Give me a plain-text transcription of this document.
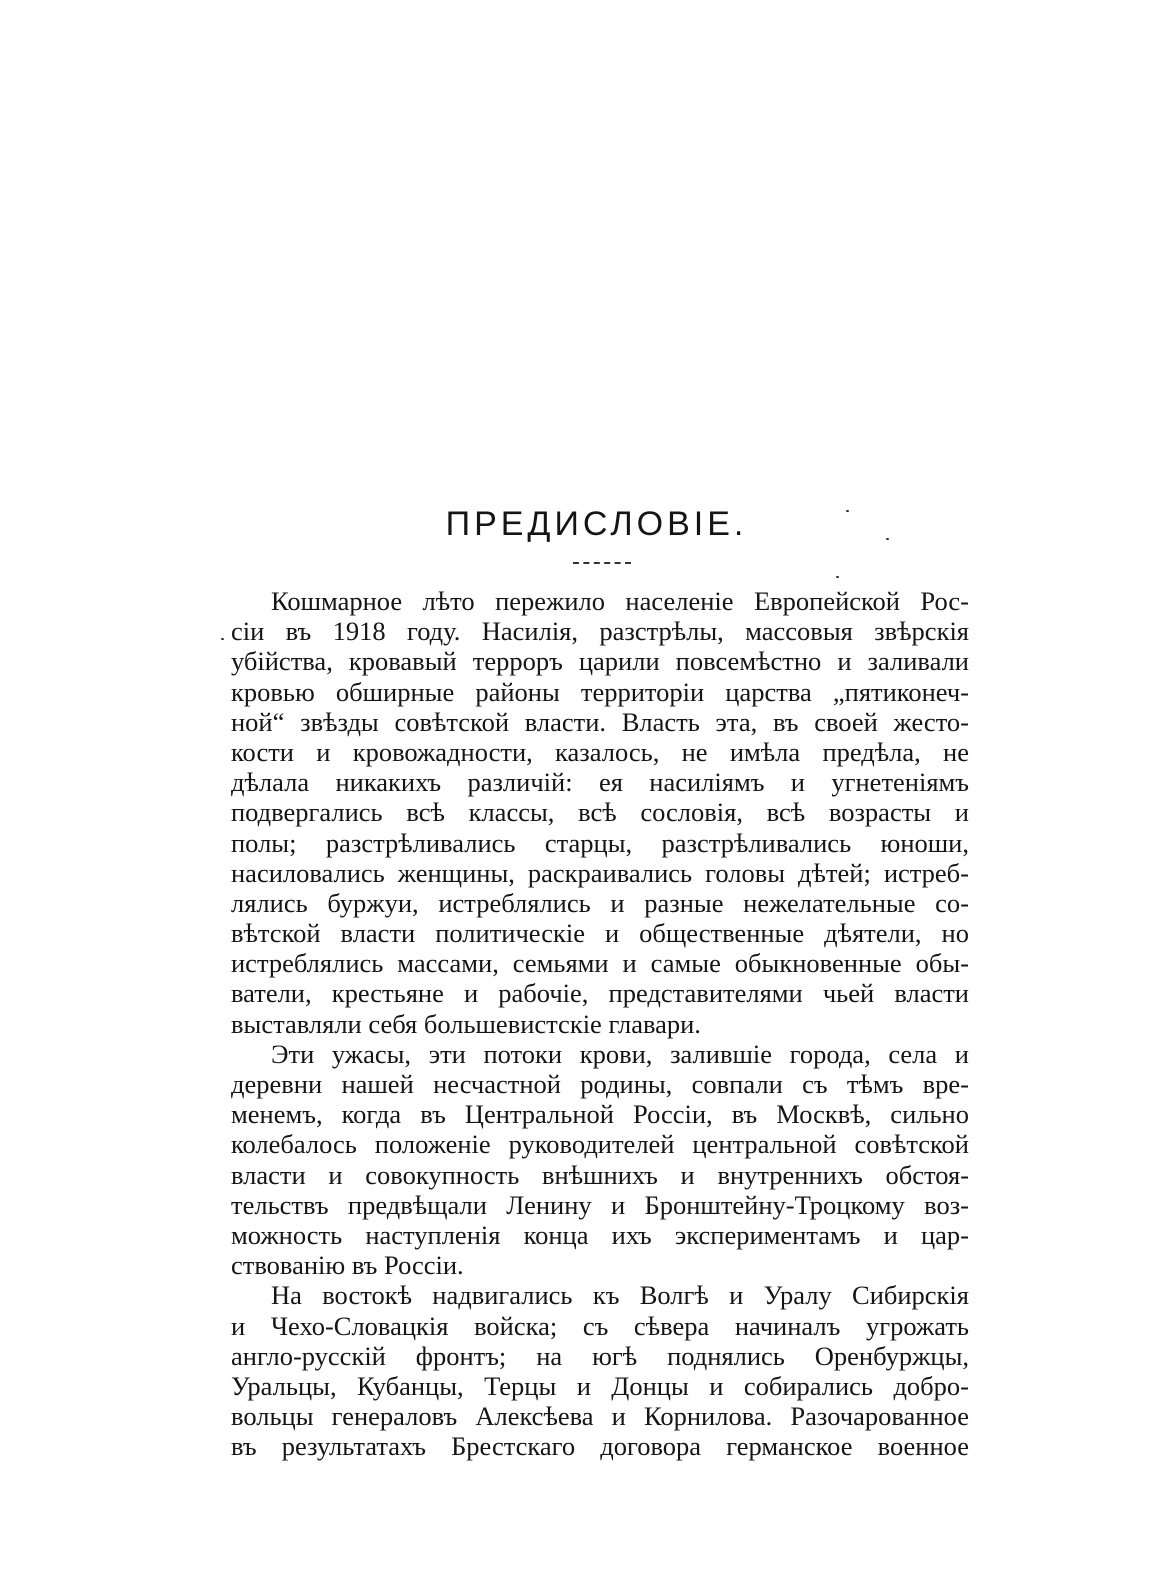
ПРЕДИСЛОВІЕ.
Кошмарное лѣто пережило населеніе Европейской Рос-
сіи въ 1918 году. Насилія, разстрѣлы, массовыя звѣрскія
убійства, кровавый терроръ царили повсемѣстно и заливали
кровью обширные районы территоріи царства „пятиконеч-
ной“ звѣзды совѣтской власти. Власть эта, въ своей жесто-
кости и кровожадности, казалось, не имѣла предѣла, не
дѣлала никакихъ различій: ея насиліямъ и угнетеніямъ
подвергались всѣ классы, всѣ сословія, всѣ возрасты и
полы; разстрѣливались старцы, разстрѣливались юноши,
насиловались женщины, раскраивались головы дѣтей; истреб-
лялись буржуи, истреблялись и разные нежелательные со-
вѣтской власти политическіе и общественные дѣятели, но
истреблялись массами, семьями и самые обыкновенные обы-
ватели, крестьяне и рабочіе, представителями чьей власти
выставляли себя большевистскіе главари.
Эти ужасы, эти потоки крови, залившіе города, села и
деревни нашей несчастной родины, совпали съ тѣмъ вре-
менемъ, когда въ Центральной Россіи, въ Москвѣ, сильно
колебалось положеніе руководителей центральной совѣтской
власти и совокупность внѣшнихъ и внутреннихъ обстоя-
тельствъ предвѣщали Ленину и Бронштейну-Троцкому воз-
можность наступленія конца ихъ экспериментамъ и цар-
ствованію въ Россіи.
На востокѣ надвигались къ Волгѣ и Уралу Сибирскія
и Чехо-Словацкія войска; съ сѣвера начиналъ угрожать
англо-русскій фронтъ; на югѣ поднялись Оренбуржцы,
Уральцы, Кубанцы, Терцы и Донцы и собирались добро-
вольцы генераловъ Алексѣева и Корнилова. Разочарованное
въ результатахъ Брестскаго договора германское военное
